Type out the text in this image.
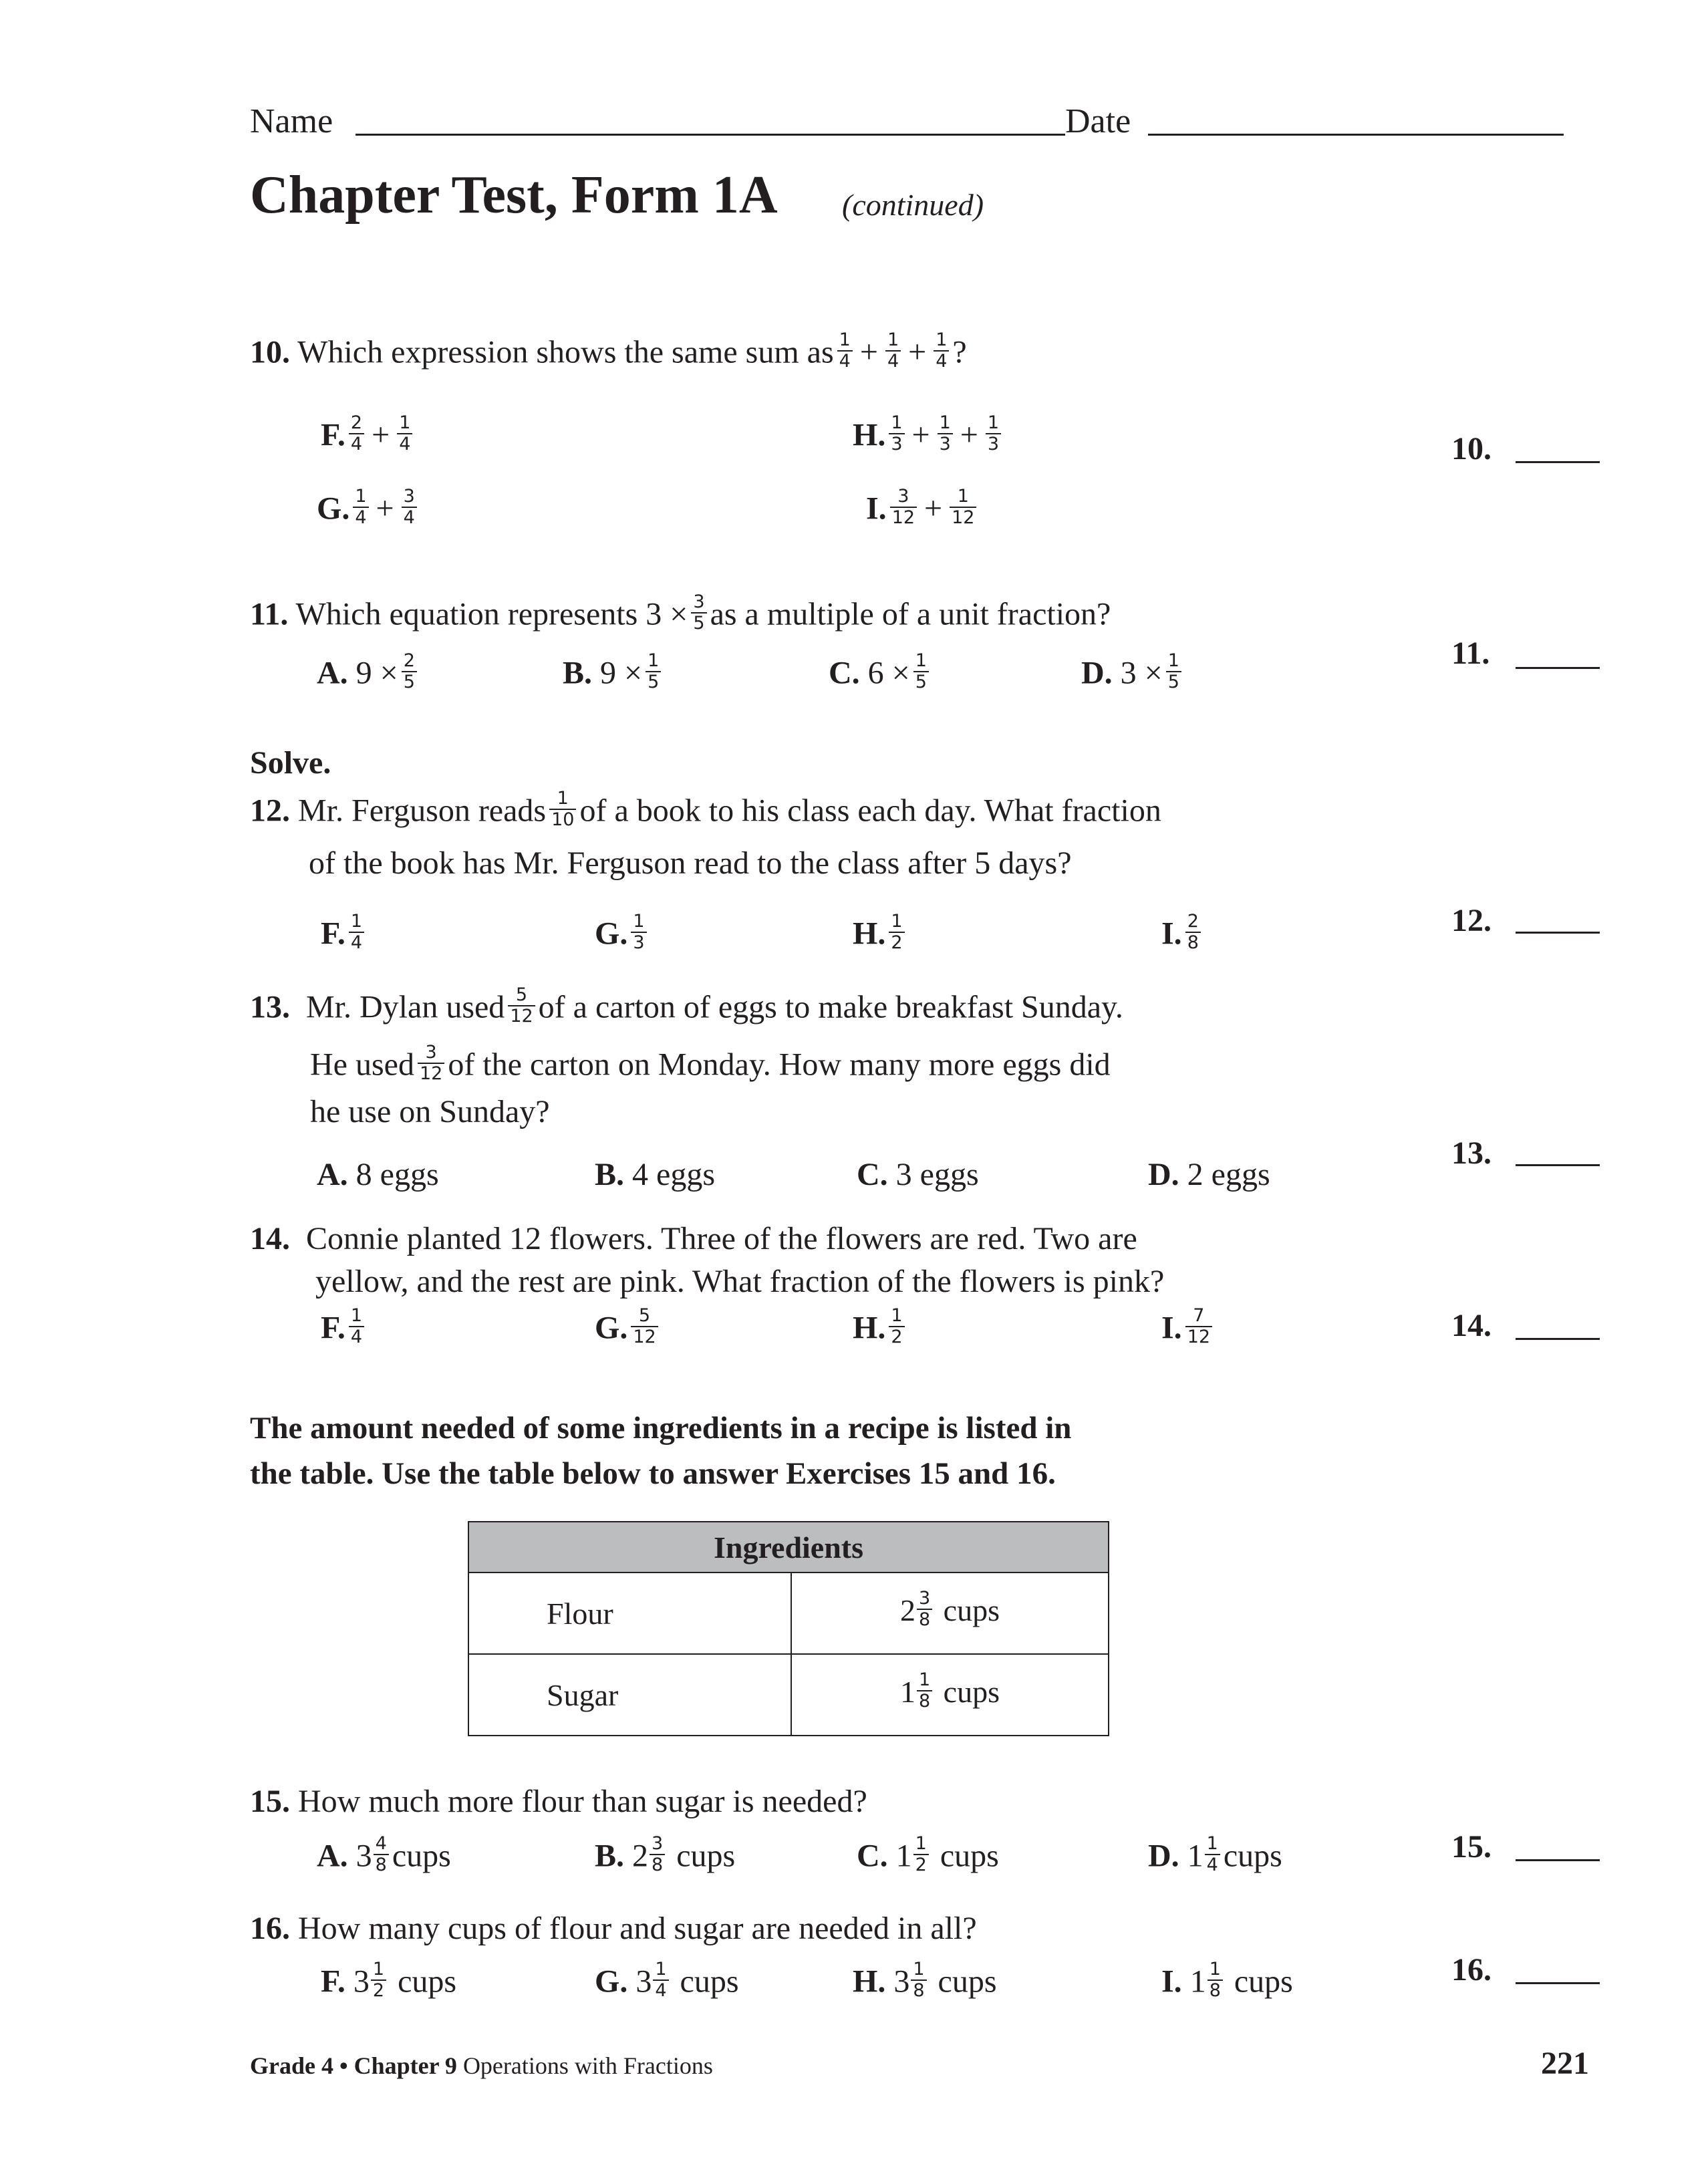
Name	Date
Chapter Test, Form 1A (continued)
10. Which expression shows the same sum as $\frac{1}{4} + \frac{1}{4} + \frac{1}{4}$ ?
F. $\frac{2}{4} + \frac{1}{4}$	H. $\frac{1}{3} + \frac{1}{3} + \frac{1}{3}$
G. $\frac{1}{4} + \frac{3}{4}$	I. $\frac{3}{12} + \frac{1}{12}$
11. Which equation represents $3 \times \frac{3}{5}$ as a multiple of a unit fraction?
A. $9 \times \frac{2}{5}$	B. $9 \times \frac{1}{5}$	C. $6 \times \frac{1}{5}$	D. $3 \times \frac{1}{5}$
Solve.
12. Mr. Ferguson reads $\frac{1}{10}$ of a book to his class each day. What fraction
of the book has Mr. Ferguson read to the class after 5 days?
F. $\frac{1}{4}$	G. $\frac{1}{3}$	H. $\frac{1}{2}$	I. $\frac{2}{8}$
13. Mr. Dylan used $\frac{5}{12}$ of a carton of eggs to make breakfast Sunday.
He used $\frac{3}{12}$ of the carton on Monday. How many more eggs did
he use on Sunday?
A. 8 eggs	B. 4 eggs	C. 3 eggs	D. 2 eggs
14. Connie planted 12 flowers. Three of the flowers are red. Two are
yellow, and the rest are pink. What fraction of the flowers is pink?
F. $\frac{1}{4}$	G. $\frac{5}{12}$	H. $\frac{1}{2}$	I. $\frac{7}{12}$
The amount needed of some ingredients in a recipe is listed in
the table. Use the table below to answer Exercises 15 and 16.
Ingredients	
Flour	$2 \frac{3}{8}$ cups
Sugar	$1 \frac{1}{8}$ cups
15. How much more flour than sugar is needed?
A. $3 \frac{4}{8}$ cups	B. $2 \frac{3}{8}$ cups	C. $1 \frac{1}{2}$ cups	D. $1 \frac{1}{4}$ cups
16. How many cups of flour and sugar are needed in all?
F. $3 \frac{1}{2}$ cups	G. $3 \frac{1}{4}$ cups	H. $3 \frac{1}{8}$ cups	I. $1 \frac{1}{8}$ cups
10.
11.
12.
13.
14.
15.
16.
Grade 4 • Chapter 9 Operations with Fractions	221
